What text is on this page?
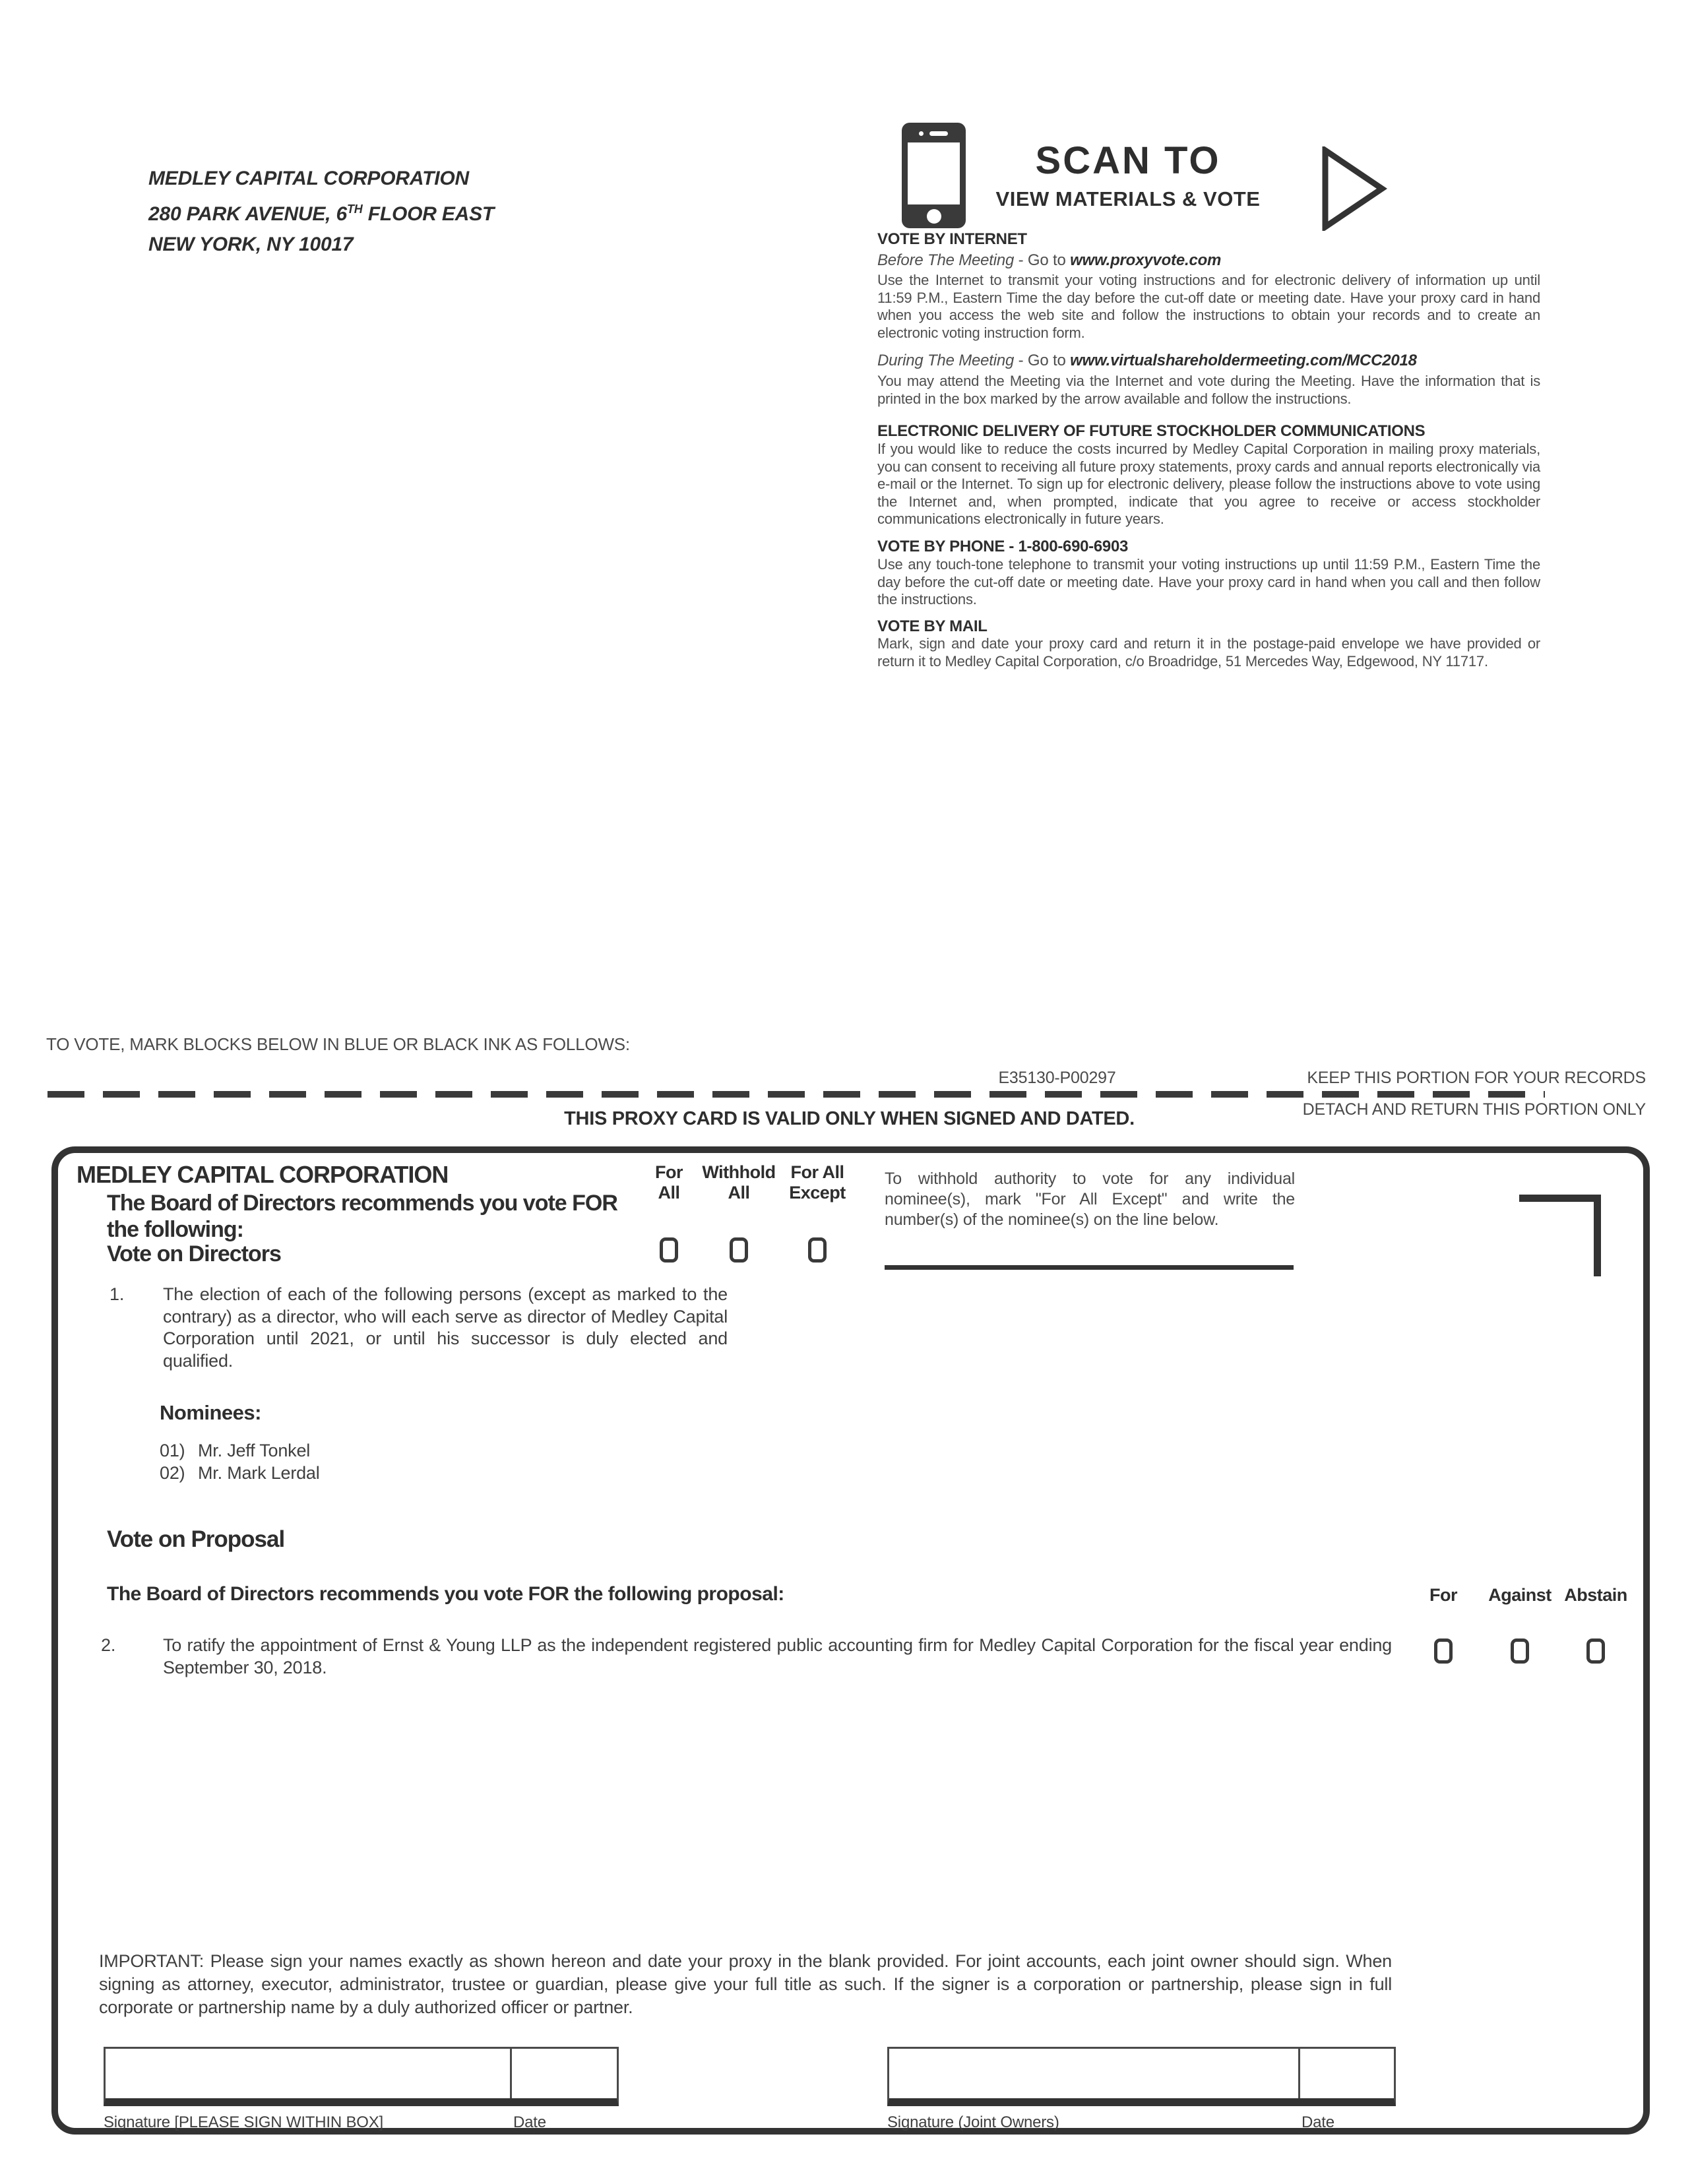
MEDLEY CAPITAL CORPORATION
280 PARK AVENUE, 6TH FLOOR EAST
NEW YORK, NY 10017
SCAN TO
VIEW MATERIALS & VOTE
VOTE BY INTERNET
Before The Meeting - Go to www.proxyvote.com
Use the Internet to transmit your voting instructions and for electronic delivery of information up until 11:59 P.M., Eastern Time the day before the cut-off date or meeting date. Have your proxy card in hand when you access the web site and follow the instructions to obtain your records and to create an electronic voting instruction form.
During The Meeting - Go to www.virtualshareholdermeeting.com/MCC2018
You may attend the Meeting via the Internet and vote during the Meeting. Have the information that is printed in the box marked by the arrow available and follow the instructions.
ELECTRONIC DELIVERY OF FUTURE STOCKHOLDER COMMUNICATIONS
If you would like to reduce the costs incurred by Medley Capital Corporation in mailing proxy materials, you can consent to receiving all future proxy statements, proxy cards and annual reports electronically via e-mail or the Internet. To sign up for electronic delivery, please follow the instructions above to vote using the Internet and, when prompted, indicate that you agree to receive or access stockholder communications electronically in future years.
VOTE BY PHONE - 1-800-690-6903
Use any touch-tone telephone to transmit your voting instructions up until 11:59 P.M., Eastern Time the day before the cut-off date or meeting date. Have your proxy card in hand when you call and then follow the instructions.
VOTE BY MAIL
Mark, sign and date your proxy card and return it in the postage-paid envelope we have provided or return it to Medley Capital Corporation, c/o Broadridge, 51 Mercedes Way, Edgewood, NY 11717.
TO VOTE, MARK BLOCKS BELOW IN BLUE OR BLACK INK AS FOLLOWS:
E35130-P00297	KEEP THIS PORTION FOR YOUR RECORDS
THIS PROXY CARD IS VALID ONLY WHEN SIGNED AND DATED.	DETACH AND RETURN THIS PORTION ONLY
MEDLEY CAPITAL CORPORATION
The Board of Directors recommends you vote FOR
the following:
Vote on Directors
For
All
Withhold
All
For All
Except
To withhold authority to vote for any individual nominee(s), mark "For All Except" and write the number(s) of the nominee(s) on the line below.
1. The election of each of the following persons (except as marked to the contrary) as a director, who will each serve as director of Medley Capital Corporation until 2021, or until his successor is duly elected and qualified.
Nominees:
01) Mr. Jeff Tonkel
02) Mr. Mark Lerdal
Vote on Proposal
The Board of Directors recommends you vote FOR the following proposal:	For	Against Abstain
2.	To ratify the appointment of Ernst & Young LLP as the independent registered public accounting firm for Medley Capital Corporation for the fiscal year ending September 30, 2018.
IMPORTANT: Please sign your names exactly as shown hereon and date your proxy in the blank provided. For joint accounts, each joint owner should sign. When signing as attorney, executor, administrator, trustee or guardian, please give your full title as such. If the signer is a corporation or partnership, please sign in full corporate or partnership name by a duly authorized officer or partner.
Signature [PLEASE SIGN WITHIN BOX]	Date	Signature (Joint Owners)	Date
